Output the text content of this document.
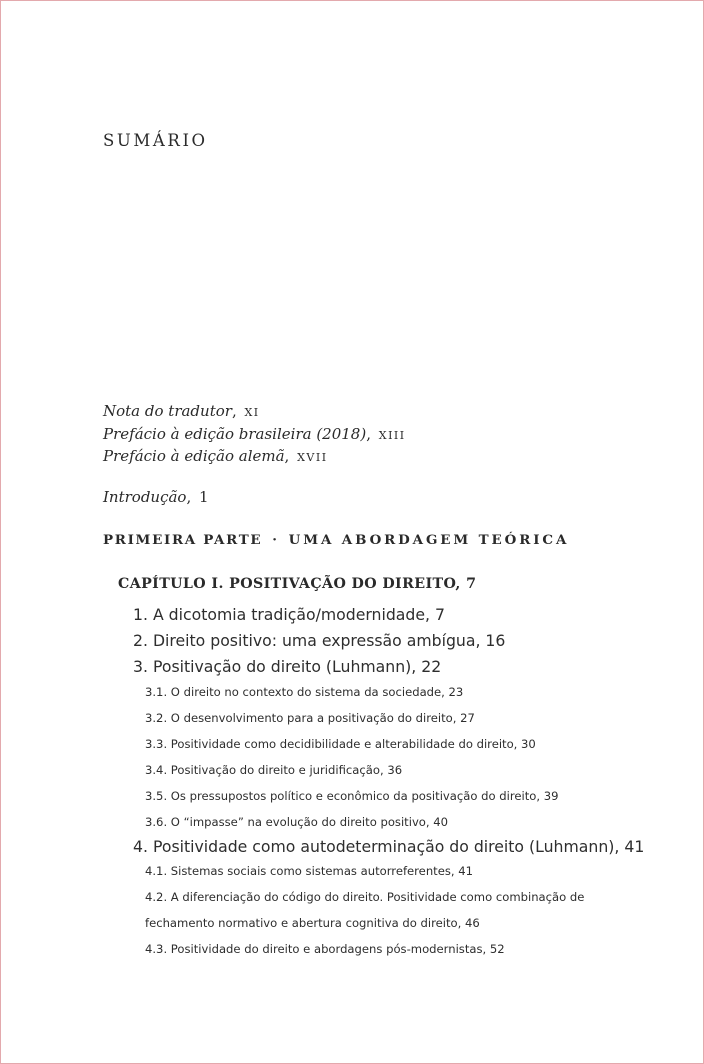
SUMÁRIO
Nota do tradutor, xi
Prefácio à edição brasileira (2018), xiii
Prefácio à edição alemã, xvii
Introdução, 1
PRIMEIRA PARTE · UMA ABORDAGEM TEÓRICA
CAPÍTULO I. POSITIVAÇÃO DO DIREITO, 7
1. A dicotomia tradição/modernidade, 7
2. Direito positivo: uma expressão ambígua, 16
3. Positivação do direito (Luhmann), 22
3.1. O direito no contexto do sistema da sociedade, 23
3.2. O desenvolvimento para a positivação do direito, 27
3.3. Positividade como decidibilidade e alterabilidade do direito, 30
3.4. Positivação do direito e juridificação, 36
3.5. Os pressupostos político e econômico da positivação do direito, 39
3.6. O “impasse” na evolução do direito positivo, 40
4. Positividade como autodeterminação do direito (Luhmann), 41
4.1. Sistemas sociais como sistemas autorreferentes, 41
4.2. A diferenciação do código do direito. Positividade como combinação de
fechamento normativo e abertura cognitiva do direito, 46
4.3. Positividade do direito e abordagens pós-modernistas, 52
